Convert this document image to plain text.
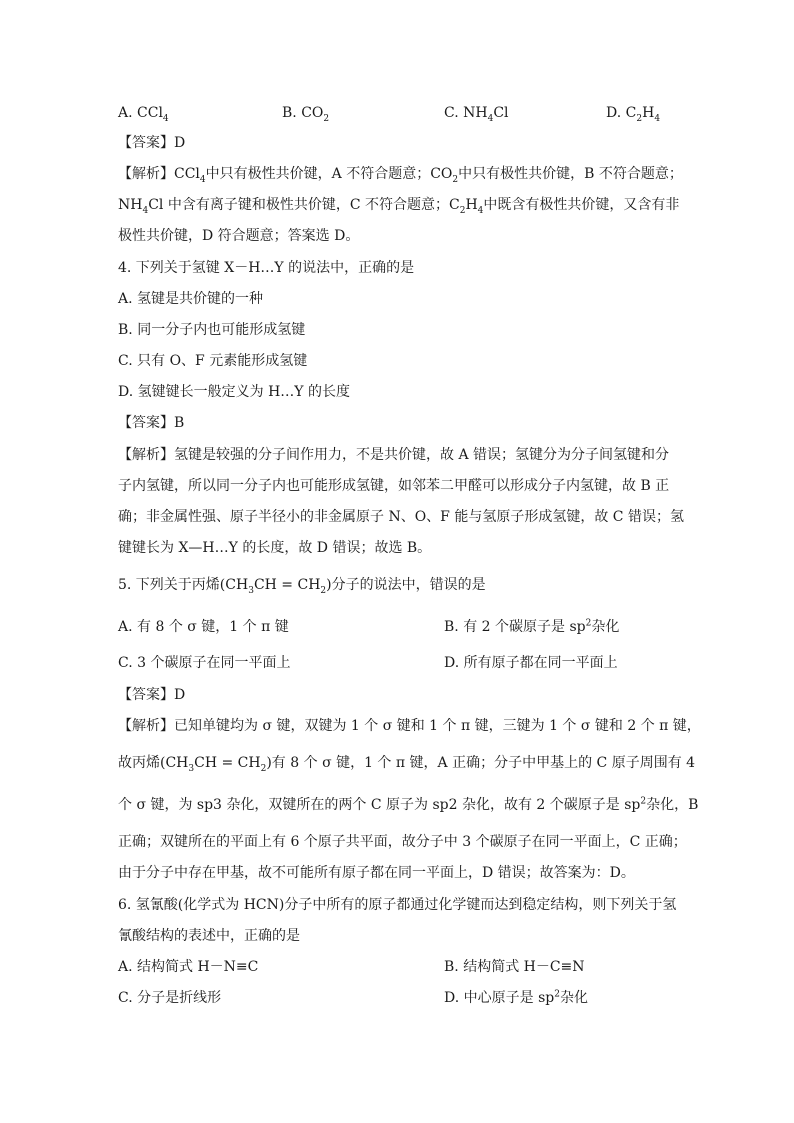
A. CCl$_4$	B. $CO_2$	C. $NH_4Cl$	D. $C_2H_4$
【答案】D
【解析】CCl$_4$中只有极性共价键，A 不符合题意；$CO_2$中只有极性共价键，B 不符合题意；
$NH_4Cl$ 中含有离子键和极性共价键，C 不符合题意；$C_2H_4$中既含有极性共价键，又含有非
极性共价键，D 符合题意；答案选 D。
4. 下列关于氢键 X－H…Y 的说法中，正确的是
A. 氢键是共价键的一种
B. 同一分子内也可能形成氢键
C. 只有 O、F 元素能形成氢键
D. 氢键键长一般定义为 H…Y 的长度
【答案】B
【解析】氢键是较强的分子间作用力，不是共价键，故 A 错误；氢键分为分子间氢键和分
子内氢键，所以同一分子内也可能形成氢键，如邻苯二甲醛可以形成分子内氢键，故 B 正
确；非金属性强、原子半径小的非金属原子 N、O、F 能与氢原子形成氢键，故 C 错误；氢
键键长为 X—H…Y 的长度，故 D 错误；故选 B。
5. 下列关于丙烯$(CH_3CH = CH_2)$分子的说法中，错误的是
A. 有 8 个 σ 键，1 个 π 键	B. 有 2 个碳原子是 $sp^2$杂化
C. 3 个碳原子在同一平面上	D. 所有原子都在同一平面上
【答案】D
【解析】已知单键均为 σ 键，双键为 1 个 σ 键和 1 个 π 键，三键为 1 个 σ 键和 2 个 π 键，
故丙烯$(CH_3CH = CH_2)$有 8 个 σ 键，1 个 π 键，A 正确；分子中甲基上的 C 原子周围有 4
个 σ 键，为 sp3 杂化，双键所在的两个 C 原子为 sp2 杂化，故有 2 个碳原子是 $sp^2$杂化，B
正确；双键所在的平面上有 6 个原子共平面，故分子中 3 个碳原子在同一平面上，C 正确；
由于分子中存在甲基，故不可能所有原子都在同一平面上，D 错误；故答案为：D。
6. 氢氰酸(化学式为 HCN)分子中所有的原子都通过化学键而达到稳定结构，则下列关于氢
氰酸结构的表述中，正确的是
A. 结构简式 H－N≡C	B. 结构简式 H－C≡N
C. 分子是折线形	D. 中心原子是 $sp^2$杂化
